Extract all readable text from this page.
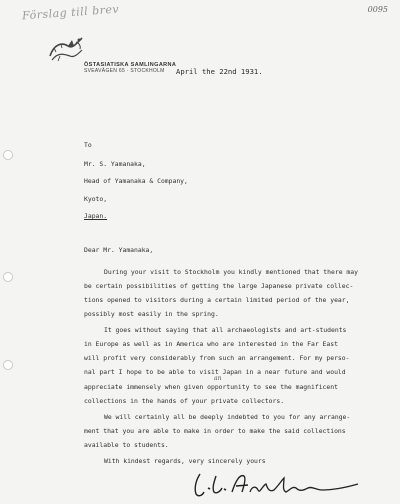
Förslag till brev	0095
ÖSTASIATISKA SAMLINGARNA
SVEAVÄGEN 65 · STOCKHOLM April the 22nd 1931.
To
Mr. S. Yamanaka,
Head of Yamanaka & Company,
Kyoto,
Japan.
Dear Mr. Yamanaka,
During your visit to Stockholm you kindly mentioned that there may
be certain possibilities of getting the large Japanese private collec-
tions opened to visitors during a certain limited period of the year,
possibly most easily in the spring.
It goes without saying that all archaeologists and art-students
in Europe as well as in America who are interested in the Far East
will profit very considerably from such an arrangement. For my perso-
nal part I hope to be able to visit Japan in a near future and would
an
appreciate immensely when given opportunity to see the magnificent
collections in the hands of your private collectors.
We will certainly all be deeply indebted to you for any arrange-
ment that you are able to make in order to make the said collections
available to students.
With kindest regards, very sincerely yours
